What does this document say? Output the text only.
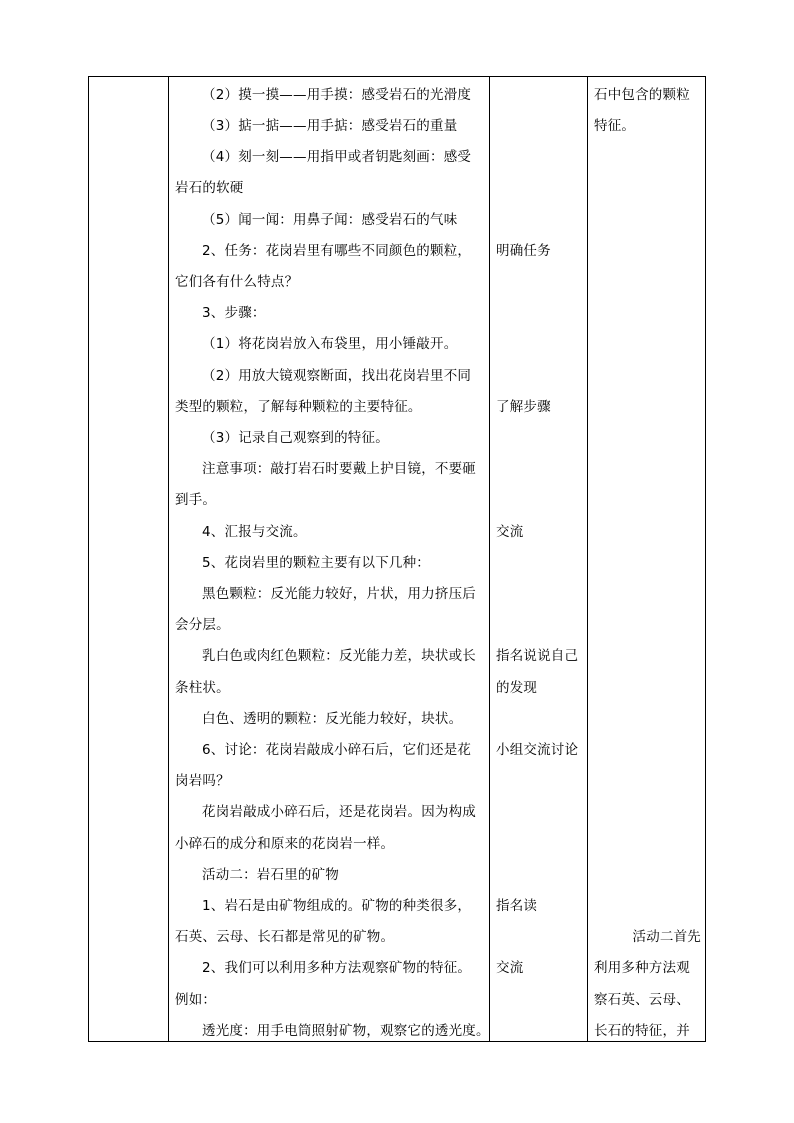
（2）摸一摸——用手摸：感受岩石的光滑度
（3）掂一掂——用手掂：感受岩石的重量
（4）刻一刻——用指甲或者钥匙刻画：感受
岩石的软硬
（5）闻一闻：用鼻子闻：感受岩石的气味
2、任务：花岗岩里有哪些不同颜色的颗粒，
它们各有什么特点？
3、步骤：
（1）将花岗岩放入布袋里，用小锤敲开。
（2）用放大镜观察断面，找出花岗岩里不同
类型的颗粒，了解每种颗粒的主要特征。
（3）记录自己观察到的特征。
注意事项：敲打岩石时要戴上护目镜，不要砸
到手。
4、汇报与交流。
5、花岗岩里的颗粒主要有以下几种：
黑色颗粒：反光能力较好，片状，用力挤压后
会分层。
乳白色或肉红色颗粒：反光能力差，块状或长
条柱状。
白色、透明的颗粒：反光能力较好，块状。
6、讨论：花岗岩敲成小碎石后，它们还是花
岗岩吗？
花岗岩敲成小碎石后，还是花岗岩。因为构成
小碎石的成分和原来的花岗岩一样。
活动二：岩石里的矿物
1、岩石是由矿物组成的。矿物的种类很多，
石英、云母、长石都是常见的矿物。
2、我们可以利用多种方法观察矿物的特征。
例如：
透光度：用手电筒照射矿物，观察它的透光度。
明确任务
了解步骤
交流
指名说说自己
的发现
小组交流讨论
指名读
交流
石中包含的颗粒
特征。
活动二首先
利用多种方法观
察石英、云母、
长石的特征，并
